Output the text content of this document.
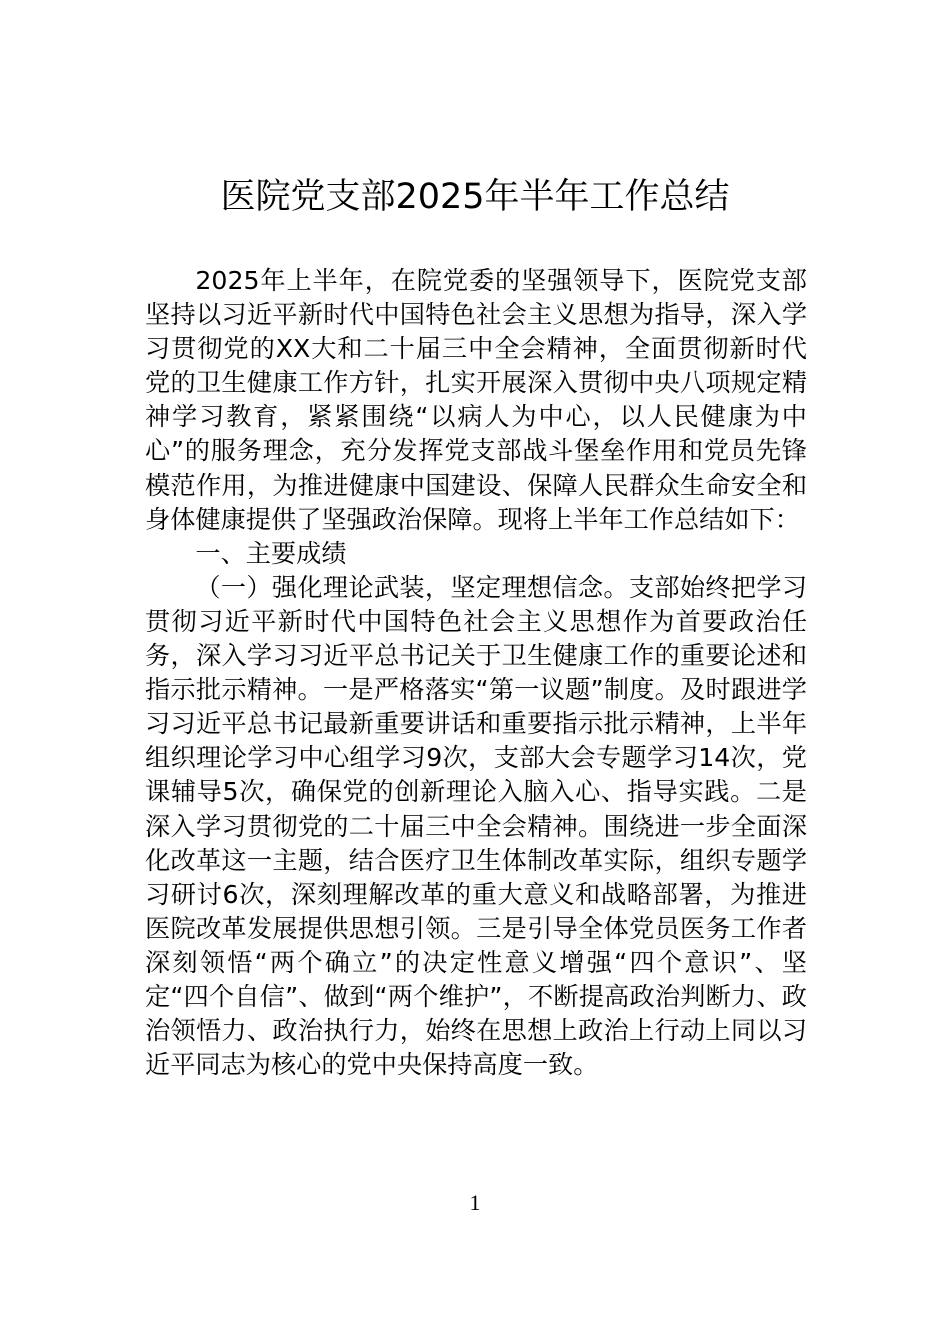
医院党支部2025年半年工作总结

2025年上半年，在院党委的坚强领导下，医院党支部坚持以习近平新时代中国特色社会主义思想为指导，深入学习贯彻党的XX大和二十届三中全会精神，全面贯彻新时代党的卫生健康工作方针，扎实开展深入贯彻中央八项规定精神学习教育，紧紧围绕“以病人为中心，以人民健康为中心”的服务理念，充分发挥党支部战斗堡垒作用和党员先锋模范作用，为推进健康中国建设、保障人民群众生命安全和身体健康提供了坚强政治保障。现将上半年工作总结如下：

一、主要成绩

（一）强化理论武装，坚定理想信念。支部始终把学习贯彻习近平新时代中国特色社会主义思想作为首要政治任务，深入学习习近平总书记关于卫生健康工作的重要论述和指示批示精神。一是严格落实“第一议题”制度。及时跟进学习习近平总书记最新重要讲话和重要指示批示精神，上半年组织理论学习中心组学习9次，支部大会专题学习14次，党课辅导5次，确保党的创新理论入脑入心、指导实践。二是深入学习贯彻党的二十届三中全会精神。围绕进一步全面深化改革这一主题，结合医疗卫生体制改革实际，组织专题学习研讨6次，深刻理解改革的重大意义和战略部署，为推进医院改革发展提供思想引领。三是引导全体党员医务工作者深刻领悟“两个确立”的决定性意义增强“四个意识”、坚定“四个自信”、做到“两个维护”，不断提高政治判断力、政治领悟力、政治执行力，始终在思想上政治上行动上同以习近平同志为核心的党中央保持高度一致。

1
